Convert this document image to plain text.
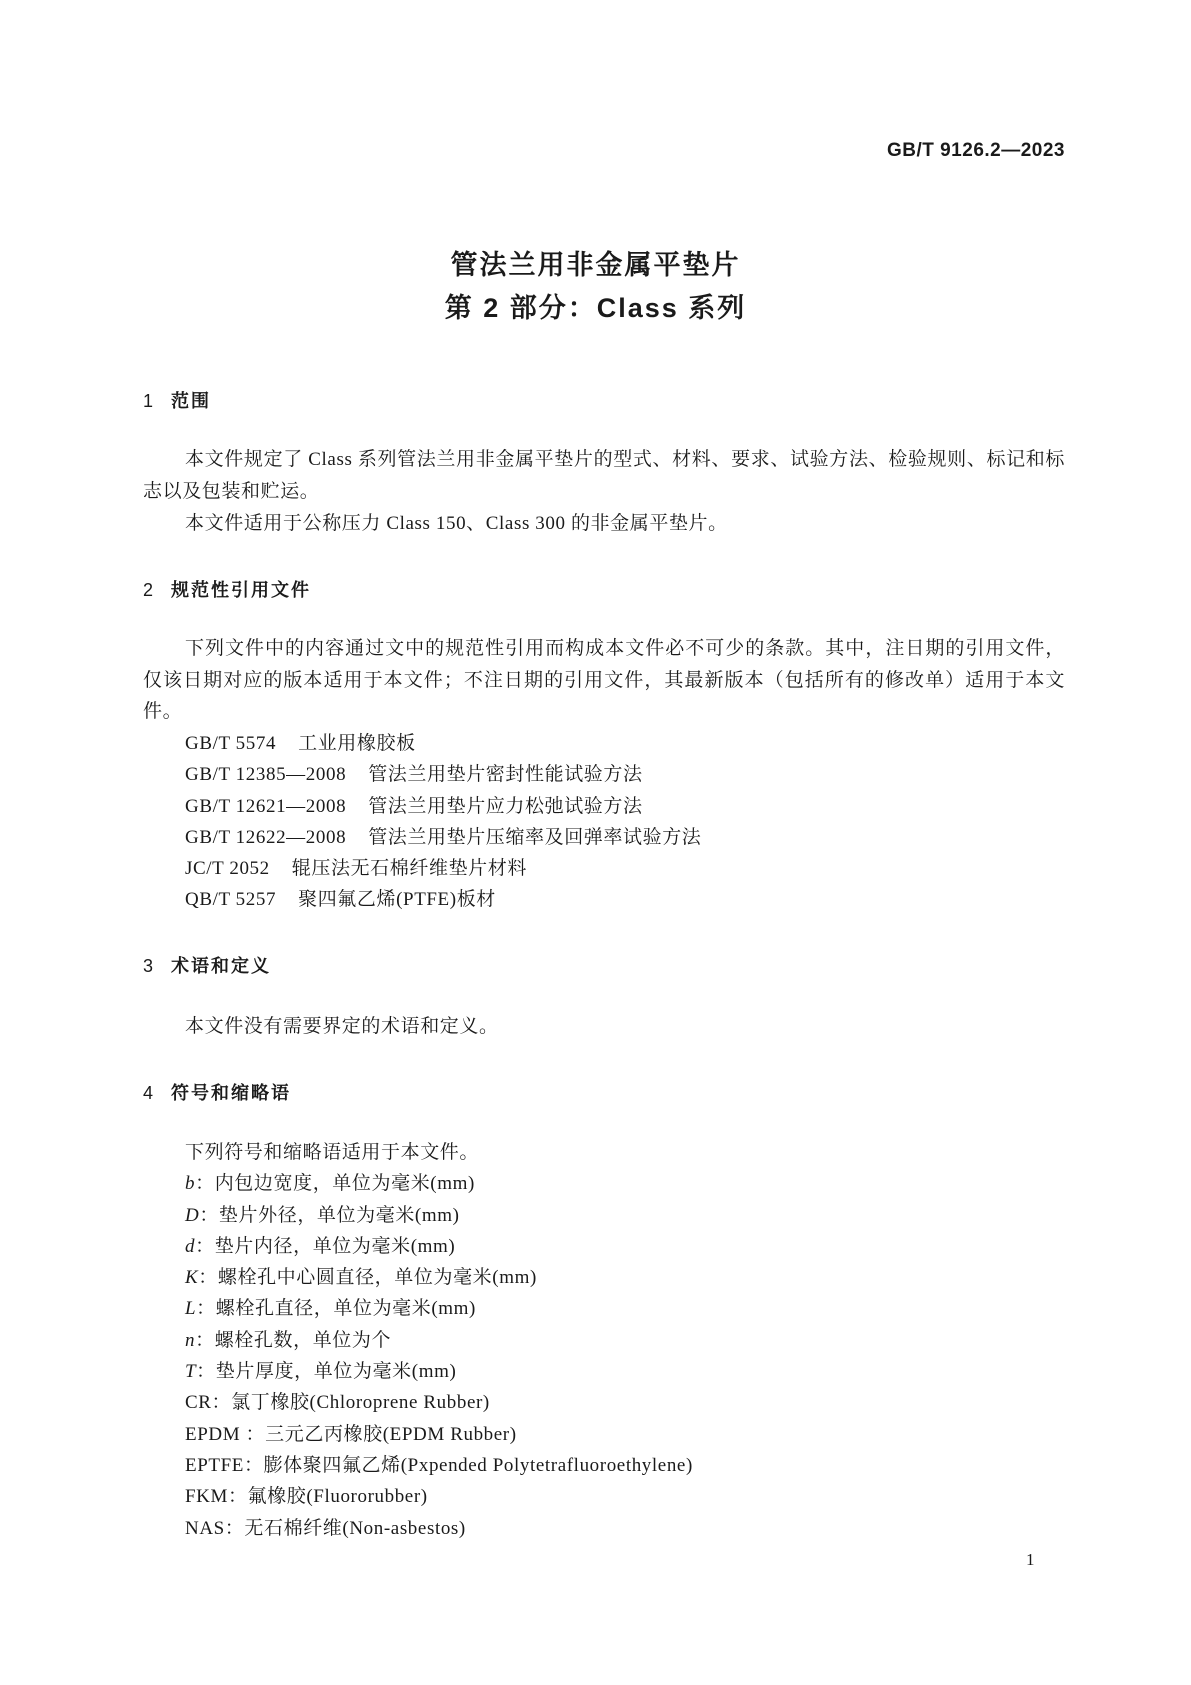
GB/T 9126.2—2023
管法兰用非金属平垫片
第 2 部分：Class 系列
1 范围
本文件规定了 Class 系列管法兰用非金属平垫片的型式、材料、要求、试验方法、检验规则、标记和标志以及包装和贮运。
本文件适用于公称压力 Class 150、Class 300 的非金属平垫片。
2 规范性引用文件
下列文件中的内容通过文中的规范性引用而构成本文件必不可少的条款。其中，注日期的引用文件，仅该日期对应的版本适用于本文件；不注日期的引用文件，其最新版本（包括所有的修改单）适用于本文件。
GB/T 5574 工业用橡胶板
GB/T 12385—2008 管法兰用垫片密封性能试验方法
GB/T 12621—2008 管法兰用垫片应力松弛试验方法
GB/T 12622—2008 管法兰用垫片压缩率及回弹率试验方法
JC/T 2052 辊压法无石棉纤维垫片材料
QB/T 5257 聚四氟乙烯(PTFE)板材
3 术语和定义
本文件没有需要界定的术语和定义。
4 符号和缩略语
下列符号和缩略语适用于本文件。
b：内包边宽度，单位为毫米(mm)
D：垫片外径，单位为毫米(mm)
d：垫片内径，单位为毫米(mm)
K：螺栓孔中心圆直径，单位为毫米(mm)
L：螺栓孔直径，单位为毫米(mm)
n：螺栓孔数，单位为个
T：垫片厚度，单位为毫米(mm)
CR：氯丁橡胶(Chloroprene Rubber)
EPDM ：三元乙丙橡胶(EPDM Rubber)
EPTFE：膨体聚四氟乙烯(Pxpended Polytetrafluoroethylene)
FKM：氟橡胶(Fluororubber)
NAS：无石棉纤维(Non-asbestos)
1
